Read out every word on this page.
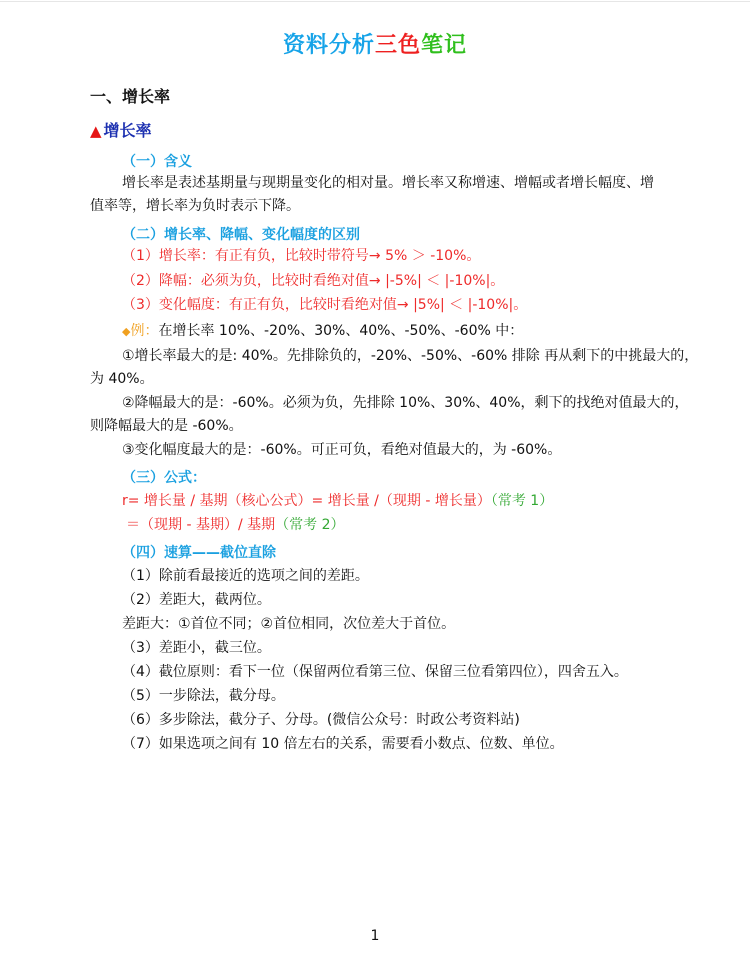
资料分析三色笔记
一、增长率
▲ 增长率
（一）含义
增长率是表述基期量与现期量变化的相对量。增长率又称增速、增幅或者增长幅度、增
值率等，增长率为负时表示下降。
（二）增长率、降幅、变化幅度的区别
（1）增长率：有正有负，比较时带符号→ 5% ＞ -10%。
（2）降幅：必须为负，比较时看绝对值→ |-5%| ＜ |-10%|。
（3）变化幅度：有正有负，比较时看绝对值→ |5%| ＜ |-10%|。
◆例：在增长率 10%、-20%、30%、40%、-50%、-60% 中：
①增长率最大的是: 40%。先排除负的，-20%、-50%、-60% 排除 再从剩下的中挑最大的，
为 40%。
②降幅最大的是：-60%。必须为负，先排除 10%、30%、40%，剩下的找绝对值最大的，
则降幅最大的是 -60%。
③变化幅度最大的是：-60%。可正可负，看绝对值最大的，为 -60%。
（三）公式：
r= 增长量 / 基期（核心公式）= 增长量 /（现期 - 增长量）（常考 1）
＝（现期 - 基期）/ 基期（常考 2）
（四）速算——截位直除
（1）除前看最接近的选项之间的差距。
（2）差距大，截两位。
差距大：①首位不同；②首位相同，次位差大于首位。
（3）差距小，截三位。
（4）截位原则：看下一位（保留两位看第三位、保留三位看第四位），四舍五入。
（5）一步除法，截分母。
（6）多步除法，截分子、分母。(微信公众号：时政公考资料站)
（7）如果选项之间有 10 倍左右的关系，需要看小数点、位数、单位。
1
